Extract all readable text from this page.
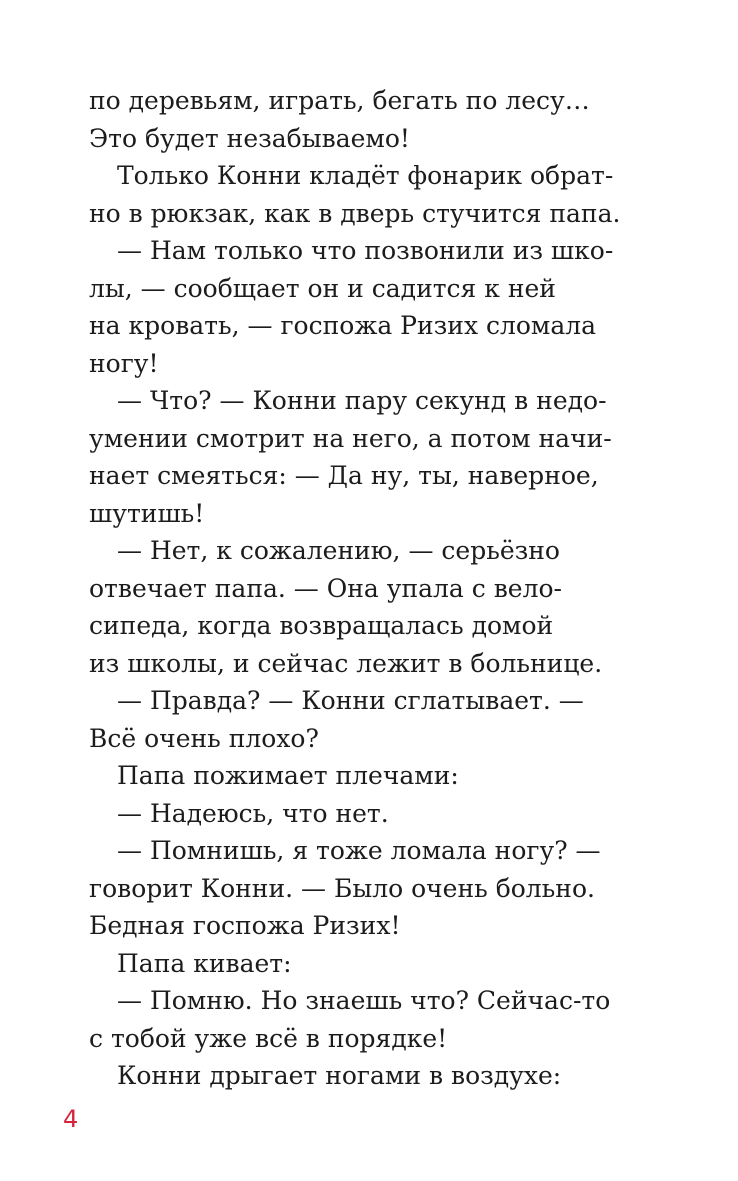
по деревьям, играть, бегать по лесу…
Это будет незабываемо!
Только Конни кладёт фонарик обрат-
но в рюкзак, как в дверь стучится папа.
— Нам только что позвонили из шко-
лы, — сообщает он и садится к ней
на кровать, — госпожа Ризих сломала
ногу!
— Что? — Конни пару секунд в недо-
умении смотрит на него, а потом начи-
нает смеяться: — Да ну, ты, наверное,
шутишь!
— Нет, к сожалению, — серьёзно
отвечает папа. — Она упала с вело-
сипеда, когда возвращалась домой
из школы, и сейчас лежит в больнице.
— Правда? — Конни сглатывает. —
Всё очень плохо?
Папа пожимает плечами:
— Надеюсь, что нет.
— Помнишь, я тоже ломала ногу? —
говорит Конни. — Было очень больно.
Бедная госпожа Ризих!
Папа кивает:
— Помню. Но знаешь что? Сейчас-то
с тобой уже всё в порядке!
Конни дрыгает ногами в воздухе:
4
